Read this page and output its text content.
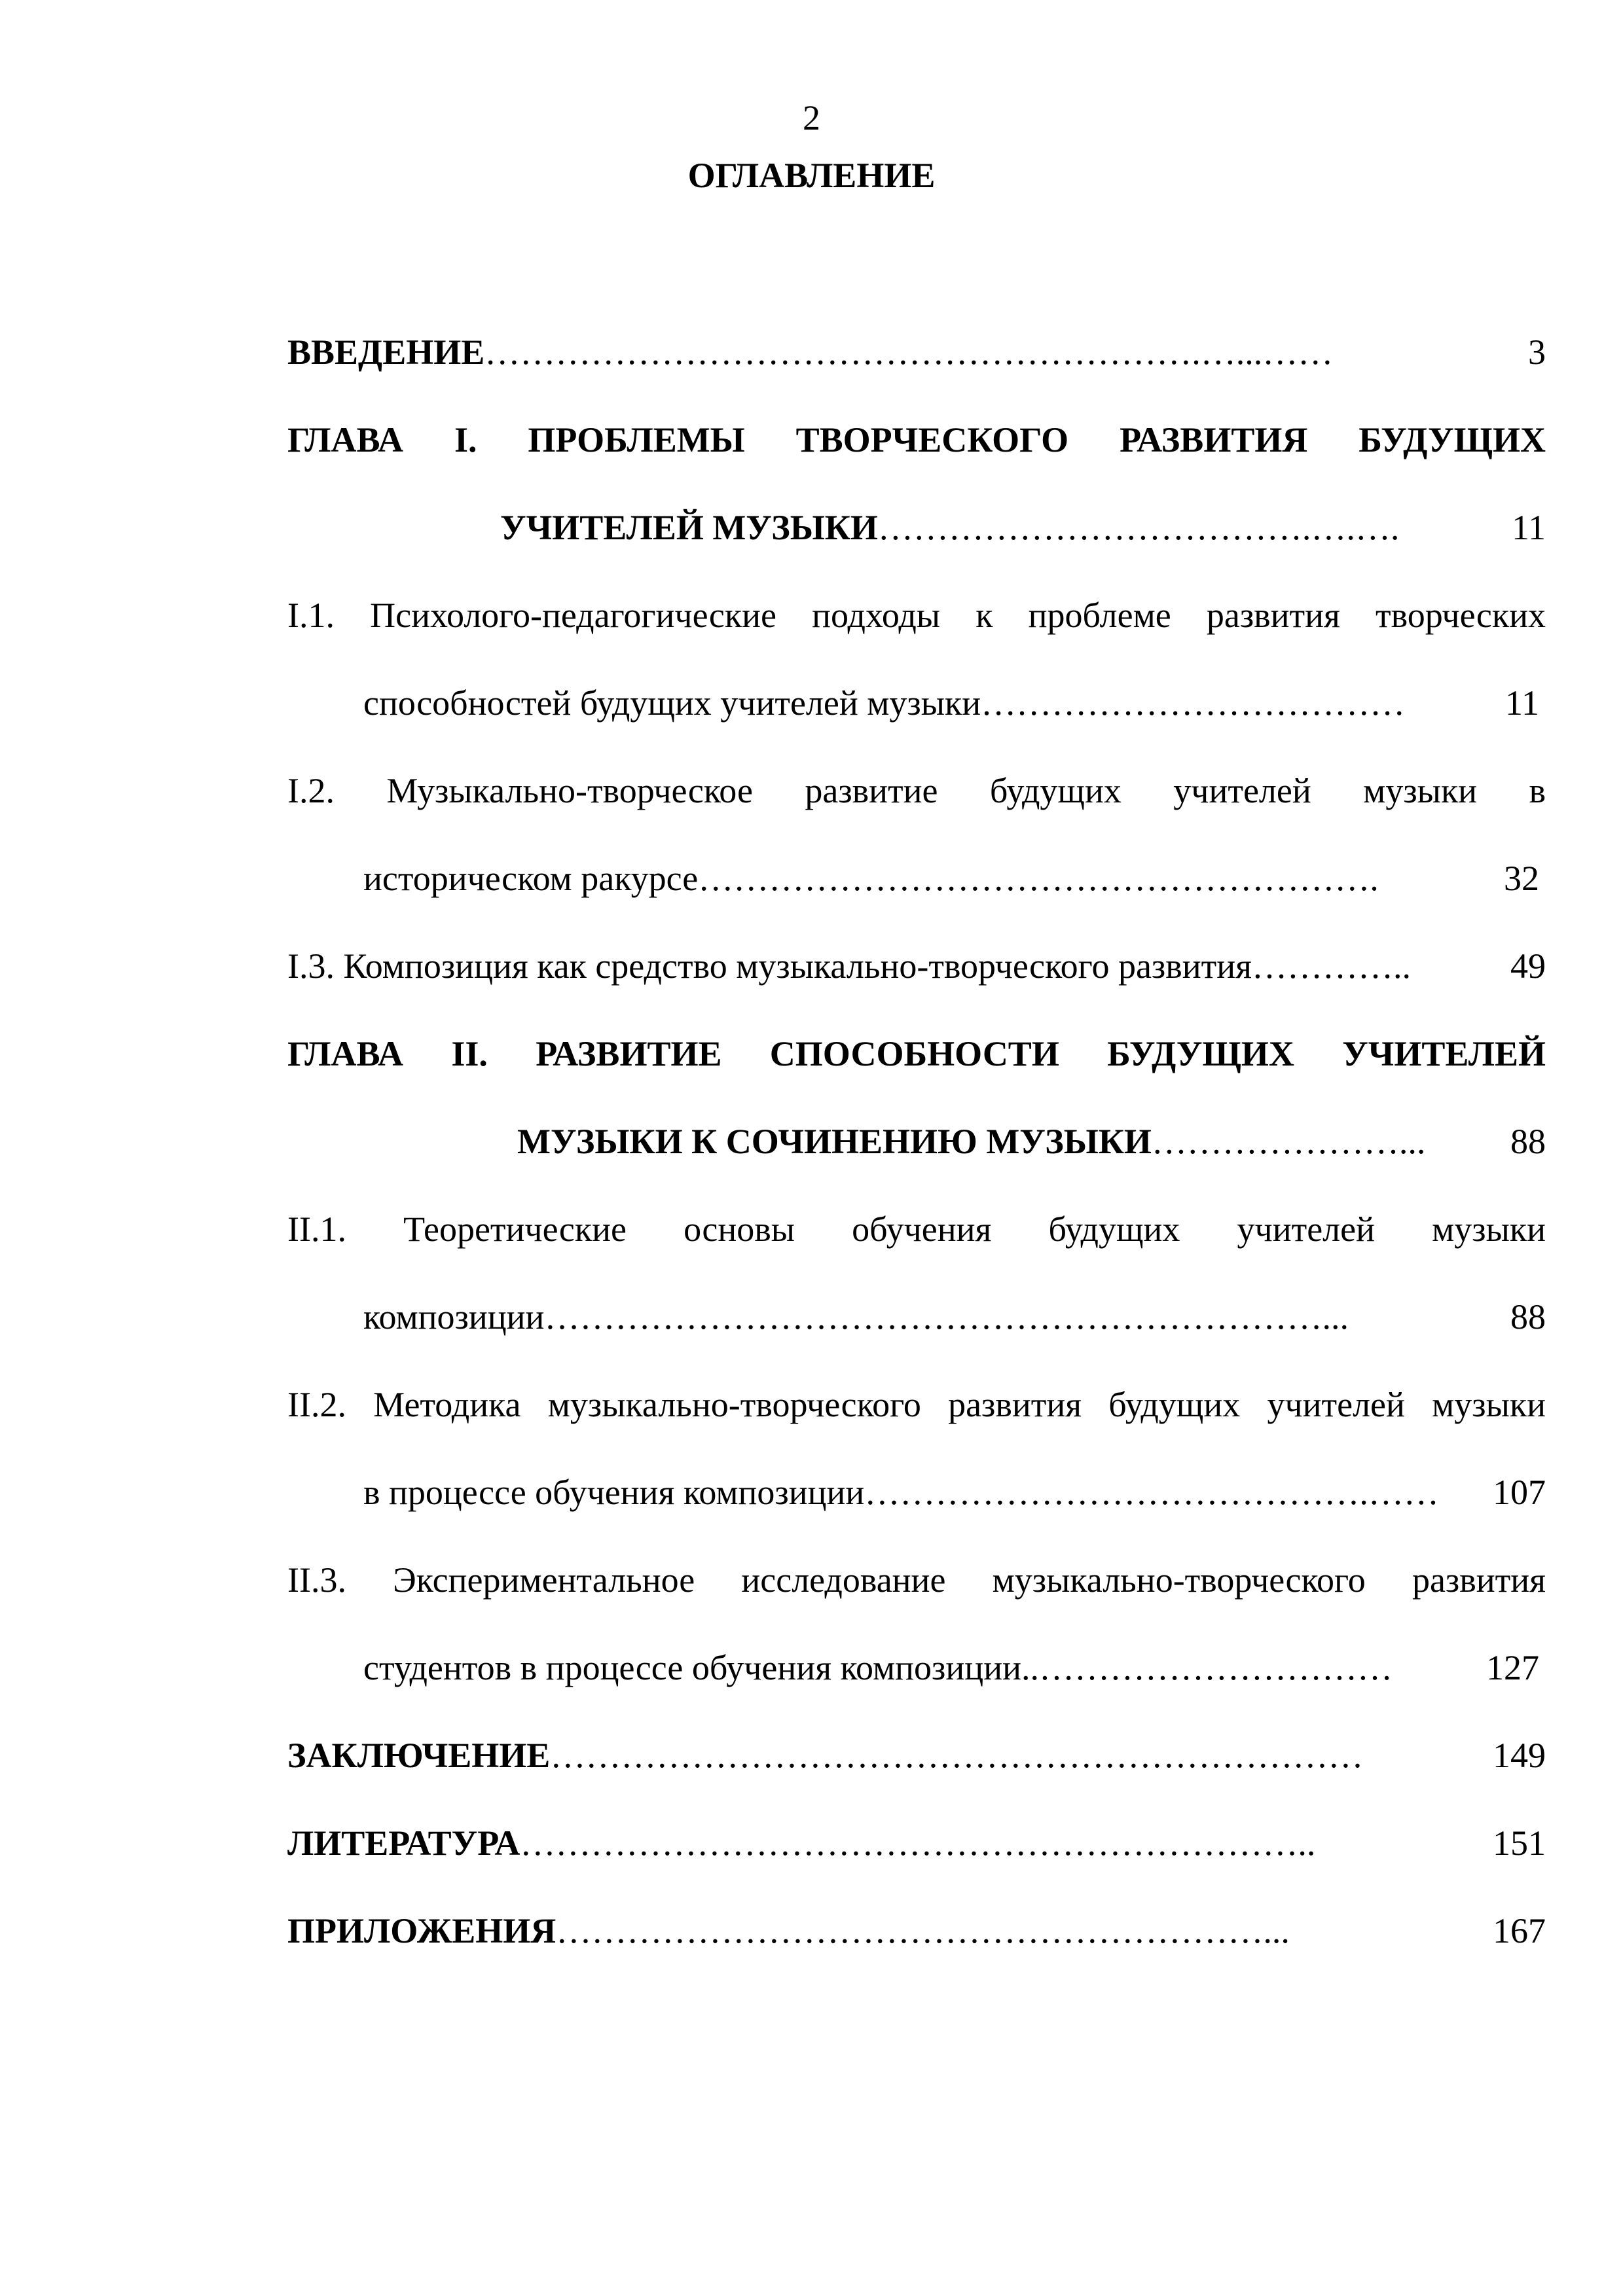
2
ОГЛАВЛЕНИЕ
ВВЕДЕНИЕ …………………………………………………….…...……	3
ГЛАВА I. ПРОБЛЕМЫ ТВОРЧЕСКОГО РАЗВИТИЯ БУДУЩИХ
УЧИТЕЛЕЙ МУЗЫКИ ……………………………….….….	11
I.1. Психолого-педагогические подходы к проблеме развития творческих
способностей будущих учителей музыки ………………………………	11
I.2. Музыкально-творческое развитие будущих учителей музыки в
историческом ракурсе ………………………………………………….	32
I.3. Композиция как средство музыкально-творческого развития …………..	49
ГЛАВА II. РАЗВИТИЕ СПОСОБНОСТИ БУДУЩИХ УЧИТЕЛЕЙ
МУЗЫКИ К СОЧИНЕНИЮ МУЗЫКИ …………………...	88
II.1. Теоретические основы обучения будущих учителей музыки
композиции …………………………………………………………...	88
II.2. Методика музыкально-творческого развития будущих учителей музыки
в процессе обучения композиции …………………………………….……	107
II.3. Экспериментальное исследование музыкально-творческого развития
студентов в процессе обучения композиции.. …………………………	127
ЗАКЛЮЧЕНИЕ ……………………………………………………………	149
ЛИТЕРАТУРА …………………………………………………………..	151
ПРИЛОЖЕНИЯ ……………………………………………………...	167
